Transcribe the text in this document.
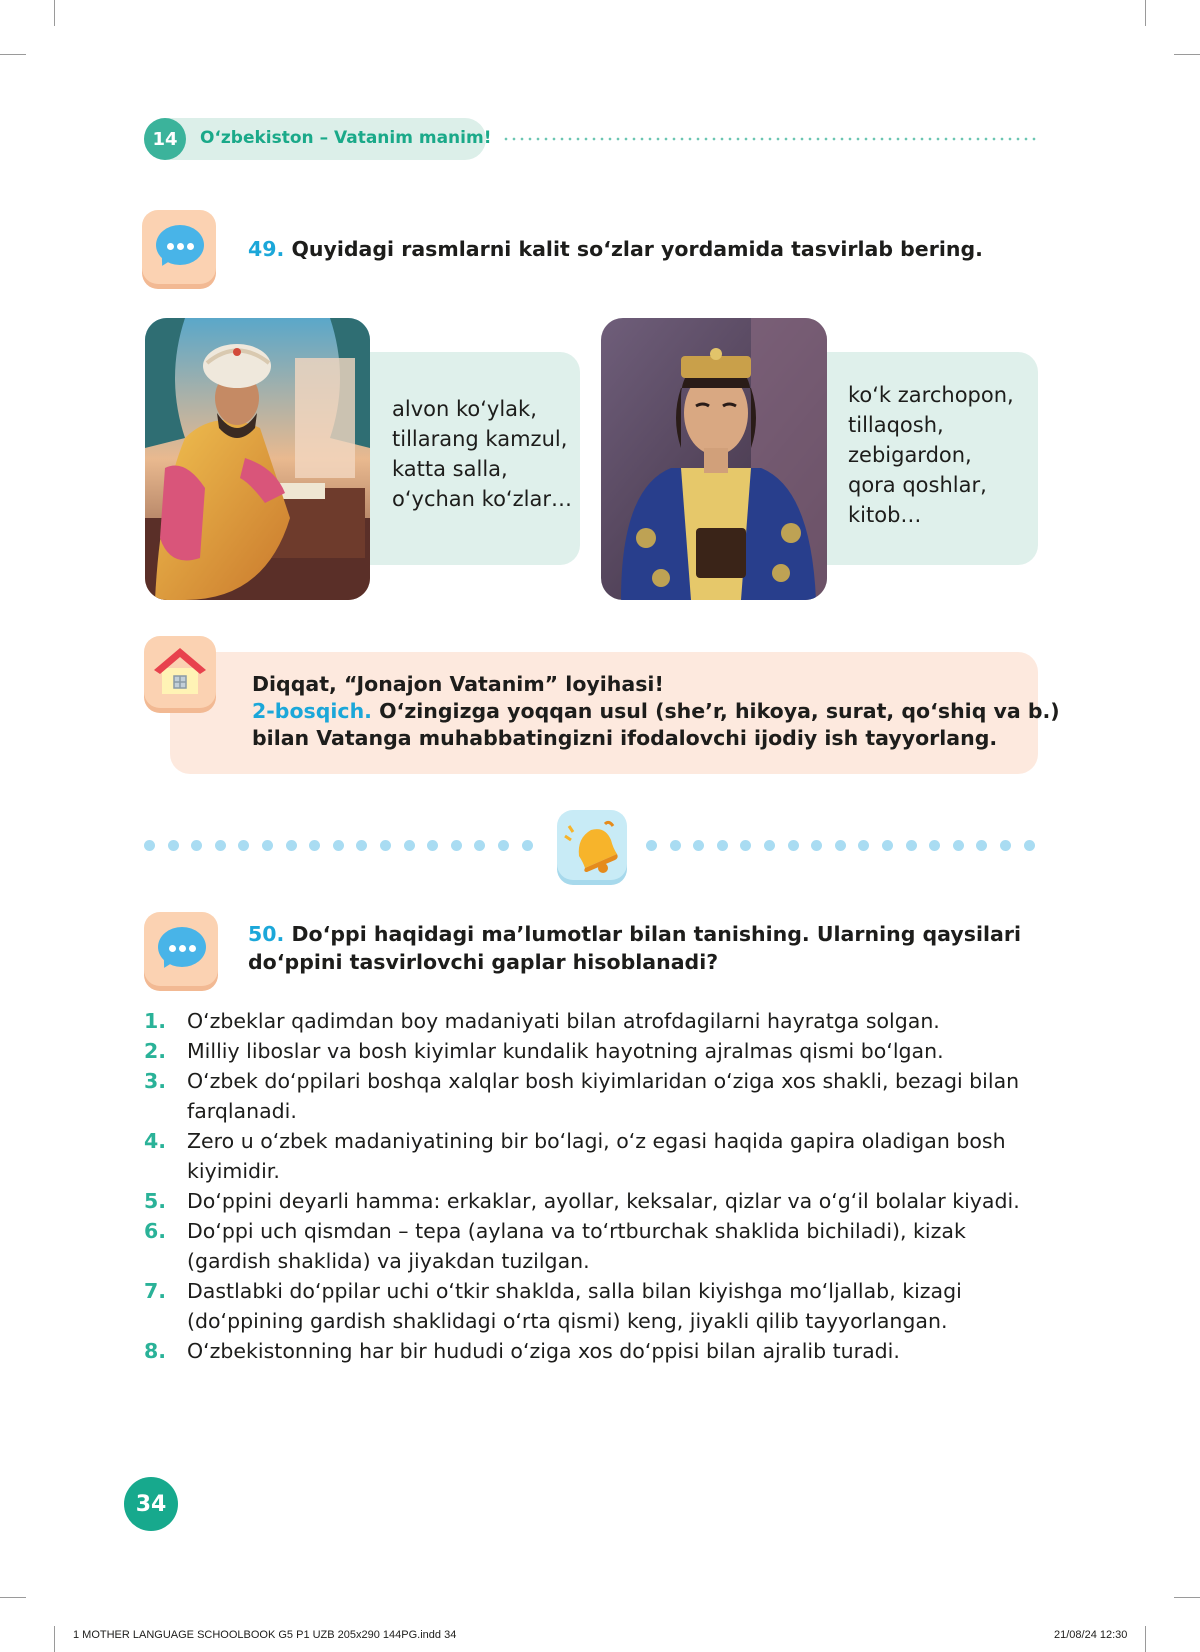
14	O‘zbekiston – Vatanim manim!
49. Quyidagi rasmlarni kalit so‘zlar yordamida tasvirlab bering.
alvon ko‘ylak,
tillarang kamzul,
katta salla,
o‘ychan ko‘zlar…
ko‘k zarchopon,
tillaqosh,
zebigardon,
qora qoshlar,
kitob…
Diqqat, “Jonajon Vatanim” loyihasi!
2-bosqich. O‘zingizga yoqqan usul (she’r, hikoya, surat, qo‘shiq va b.)
bilan Vatanga muhabbatingizni ifodalovchi ijodiy ish tayyorlang.
50. Do‘ppi haqidagi ma’lumotlar bilan tanishing. Ularning qaysilari
do‘ppini tasvirlovchi gaplar hisoblanadi?
1.	O‘zbeklar qadimdan boy madaniyati bilan atrofdagilarni hayratga solgan.
2.	Milliy liboslar va bosh kiyimlar kundalik hayotning ajralmas qismi bo‘lgan.
3.	O‘zbek do‘ppilari boshqa xalqlar bosh kiyimlaridan o‘ziga xos shakli, bezagi bilan farqlanadi.
4.	Zero u o‘zbek madaniyatining bir bo‘lagi, o‘z egasi haqida gapira oladigan bosh kiyimidir.
5.	Do‘ppini deyarli hamma: erkaklar, ayollar, keksalar, qizlar va o‘g‘il bolalar kiyadi.
6.	Do‘ppi uch qismdan – tepa (aylana va to‘rtburchak shaklida bichiladi), kizak (gardish shaklida) va jiyakdan tuzilgan.
7.	Dastlabki do‘ppilar uchi o‘tkir shaklda, salla bilan kiyishga mo‘ljallab, kizagi (do‘ppining gardish shaklidagi o‘rta qismi) keng, jiyakli qilib tayyorlangan.
8.	O‘zbekistonning har bir hududi o‘ziga xos do‘ppisi bilan ajralib turadi.
34
1 MOTHER LANGUAGE SCHOOLBOOK G5 P1 UZB 205x290 144PG.indd 34	21/08/24 12:30
